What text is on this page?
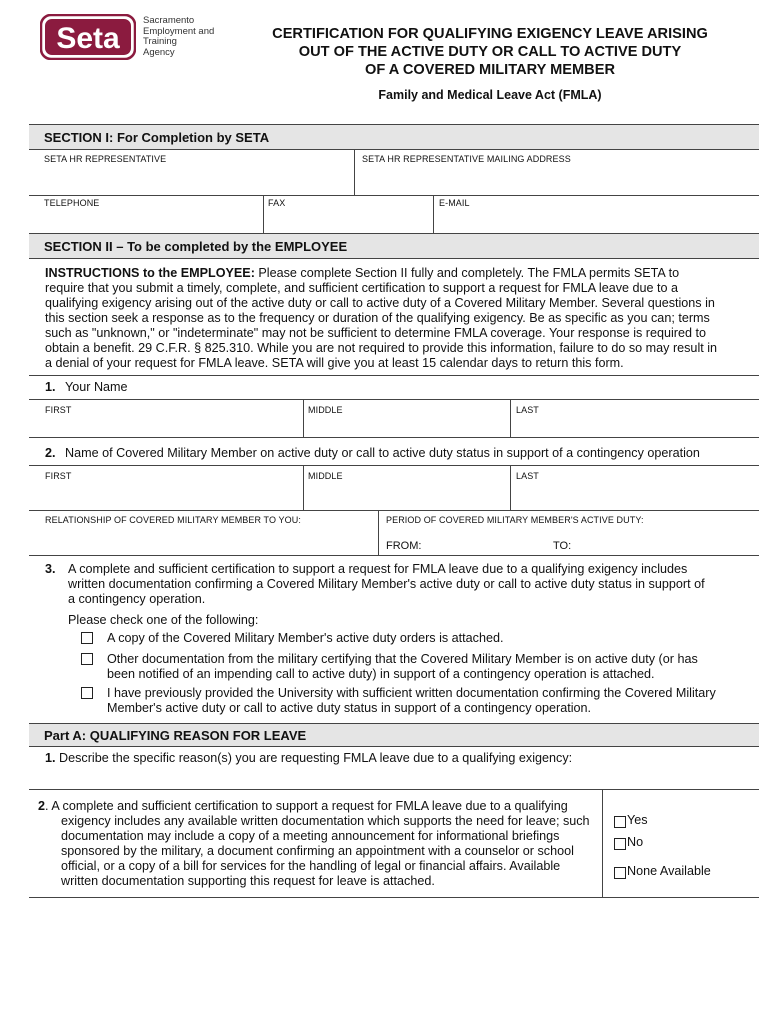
Seta
Sacramento
Employment and
Training
Agency
CERTIFICATION FOR QUALIFYING EXIGENCY LEAVE ARISING
OUT OF THE ACTIVE DUTY OR CALL TO ACTIVE DUTY
OF A COVERED MILITARY MEMBER
Family and Medical Leave Act (FMLA)
SECTION I: For Completion by SETA
SETA HR REPRESENTATIVE	SETA HR REPRESENTATIVE MAILING ADDRESS
TELEPHONE	FAX	E-MAIL
SECTION II – To be completed by the EMPLOYEE
INSTRUCTIONS to the EMPLOYEE: Please complete Section II fully and completely. The FMLA permits SETA to
require that you submit a timely, complete, and sufficient certification to support a request for FMLA leave due to a
qualifying exigency arising out of the active duty or call to active duty of a Covered Military Member. Several questions in
this section seek a response as to the frequency or duration of the qualifying exigency. Be as specific as you can; terms
such as "unknown," or "indeterminate" may not be sufficient to determine FMLA coverage. Your response is required to
obtain a benefit. 29 C.F.R. § 825.310. While you are not required to provide this information, failure to do so may result in
a denial of your request for FMLA leave. SETA will give you at least 15 calendar days to return this form.
1. Your Name
FIRST	MIDDLE	LAST
2. Name of Covered Military Member on active duty or call to active duty status in support of a contingency operation
FIRST	MIDDLE	LAST
RELATIONSHIP OF COVERED MILITARY MEMBER TO YOU:	PERIOD OF COVERED MILITARY MEMBER'S ACTIVE DUTY:
FROM:	TO:
3. A complete and sufficient certification to support a request for FMLA leave due to a qualifying exigency includes
written documentation confirming a Covered Military Member's active duty or call to active duty status in support of
a contingency operation.
Please check one of the following:
A copy of the Covered Military Member's active duty orders is attached.
Other documentation from the military certifying that the Covered Military Member is on active duty (or has
been notified of an impending call to active duty) in support of a contingency operation is attached.
I have previously provided the University with sufficient written documentation confirming the Covered Military
Member's active duty or call to active duty status in support of a contingency operation.
Part A: QUALIFYING REASON FOR LEAVE
1. Describe the specific reason(s) you are requesting FMLA leave due to a qualifying exigency:
2. A complete and sufficient certification to support a request for FMLA leave due to a qualifying
exigency includes any available written documentation which supports the need for leave; such
documentation may include a copy of a meeting announcement for informational briefings
sponsored by the military, a document confirming an appointment with a counselor or school
official, or a copy of a bill for services for the handling of legal or financial affairs. Available
written documentation supporting this request for leave is attached.
Yes
No
None Available
